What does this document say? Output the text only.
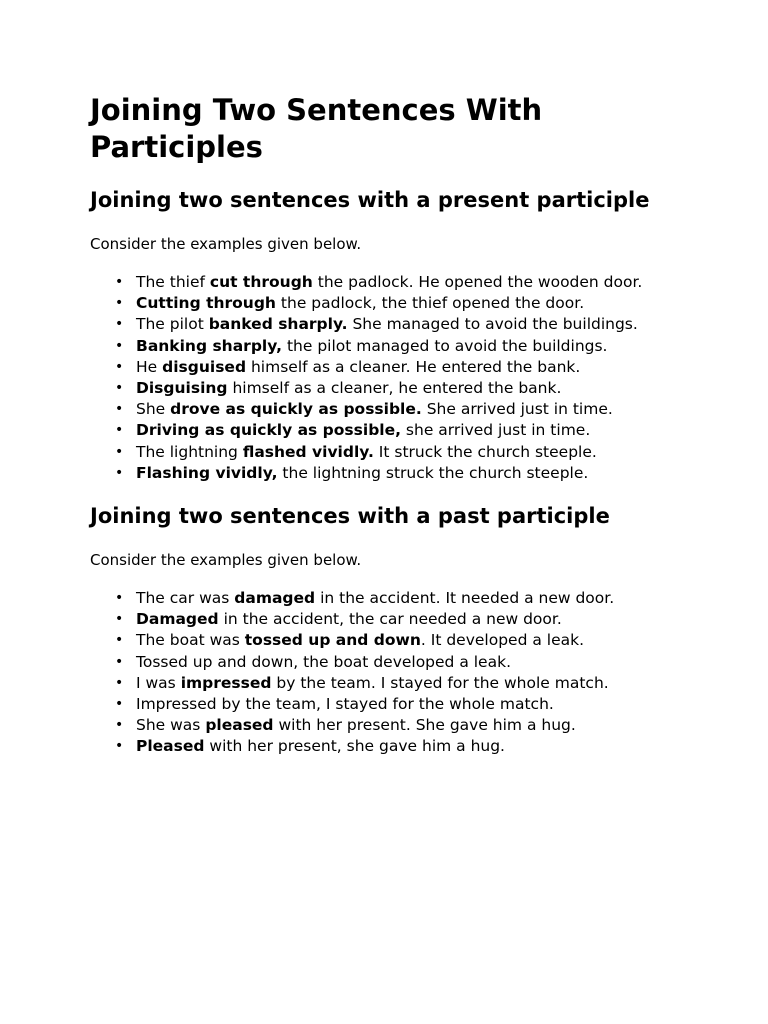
Joining Two Sentences With Participles
Joining two sentences with a present participle

Consider the examples given below.

• The thief cut through the padlock. He opened the wooden door.
• Cutting through the padlock, the thief opened the door.
• The pilot banked sharply. She managed to avoid the buildings.
• Banking sharply, the pilot managed to avoid the buildings.
• He disguised himself as a cleaner. He entered the bank.
• Disguising himself as a cleaner, he entered the bank.
• She drove as quickly as possible. She arrived just in time.
• Driving as quickly as possible, she arrived just in time.
• The lightning flashed vividly. It struck the church steeple.
• Flashing vividly, the lightning struck the church steeple.
Joining two sentences with a past participle

Consider the examples given below.

• The car was damaged in the accident. It needed a new door.
• Damaged in the accident, the car needed a new door.
• The boat was tossed up and down. It developed a leak.
• Tossed up and down, the boat developed a leak.
• I was impressed by the team. I stayed for the whole match.
• Impressed by the team, I stayed for the whole match.
• She was pleased with her present. She gave him a hug.
• Pleased with her present, she gave him a hug.
